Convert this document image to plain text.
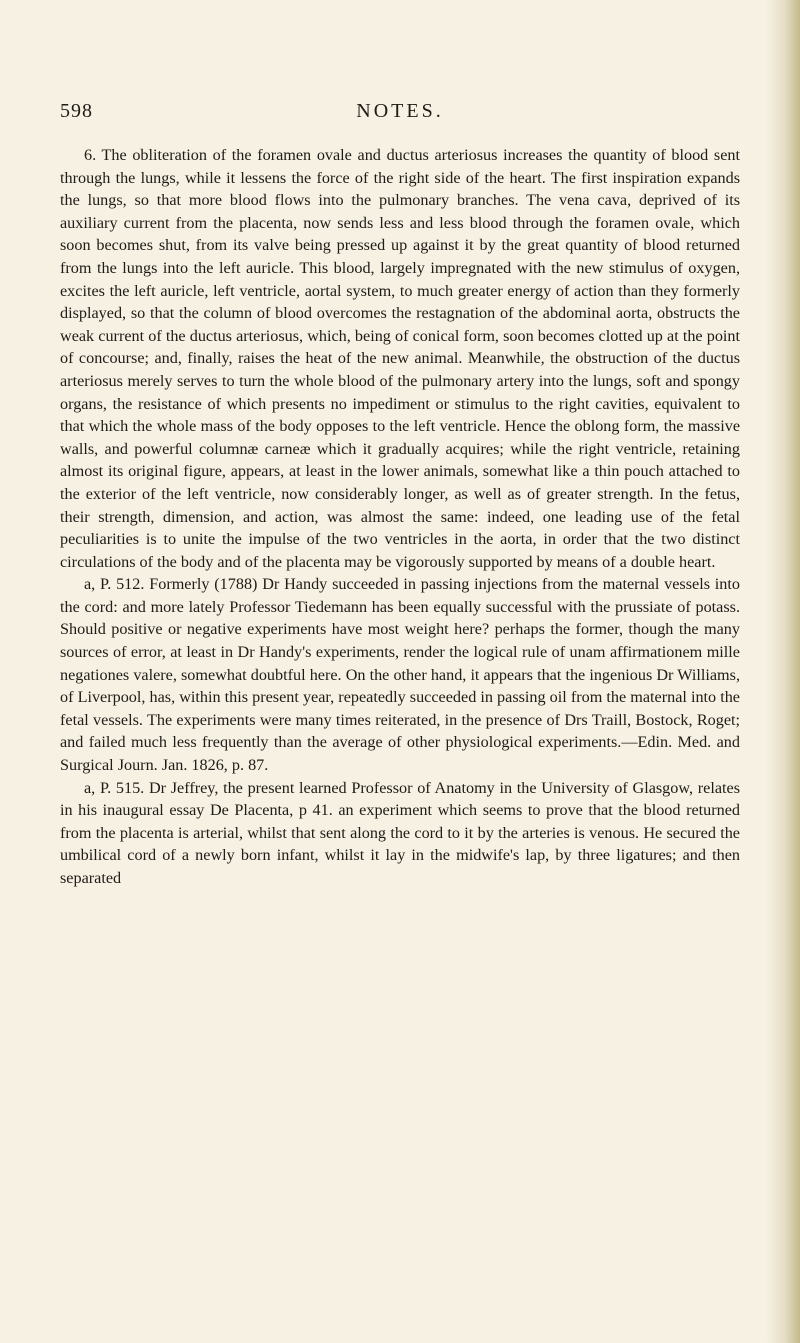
598	NOTES.

6. The obliteration of the foramen ovale and ductus arteriosus increases the quantity of blood sent through the lungs, while it lessens the force of the right side of the heart. The first inspiration expands the lungs, so that more blood flows into the pulmonary branches. The vena cava, deprived of its auxiliary current from the placenta, now sends less and less blood through the foramen ovale, which soon becomes shut, from its valve being pressed up against it by the great quantity of blood returned from the lungs into the left auricle. This blood, largely impregnated with the new stimulus of oxygen, excites the left auricle, left ventricle, aortal system, to much greater energy of action than they formerly displayed, so that the column of blood overcomes the restagnation of the abdominal aorta, obstructs the weak current of the ductus arteriosus, which, being of conical form, soon becomes clotted up at the point of concourse; and, finally, raises the heat of the new animal. Meanwhile, the obstruction of the ductus arteriosus merely serves to turn the whole blood of the pulmonary artery into the lungs, soft and spongy organs, the resistance of which presents no impediment or stimulus to the right cavities, equivalent to that which the whole mass of the body opposes to the left ventricle. Hence the oblong form, the massive walls, and powerful columnæ carneæ which it gradually acquires; while the right ventricle, retaining almost its original figure, appears, at least in the lower animals, somewhat like a thin pouch attached to the exterior of the left ventricle, now considerably longer, as well as of greater strength. In the fetus, their strength, dimension, and action, was almost the same: indeed, one leading use of the fetal peculiarities is to unite the impulse of the two ventricles in the aorta, in order that the two distinct circulations of the body and of the placenta may be vigorously supported by means of a double heart.

a, P. 512. Formerly (1788) Dr Handy succeeded in passing injections from the maternal vessels into the cord: and more lately Professor Tiedemann has been equally successful with the prussiate of potass. Should positive or negative experiments have most weight here? perhaps the former, though the many sources of error, at least in Dr Handy's experiments, render the logical rule of unam affirmationem mille negationes valere, somewhat doubtful here. On the other hand, it appears that the ingenious Dr Williams, of Liverpool, has, within this present year, repeatedly succeeded in passing oil from the maternal into the fetal vessels. The experiments were many times reiterated, in the presence of Drs Traill, Bostock, Roget; and failed much less frequently than the average of other physiological experiments.—Edin. Med. and Surgical Journ. Jan. 1826, p. 87.

a, P. 515. Dr Jeffrey, the present learned Professor of Anatomy in the University of Glasgow, relates in his inaugural essay De Placenta, p 41. an experiment which seems to prove that the blood returned from the placenta is arterial, whilst that sent along the cord to it by the arteries is venous. He secured the umbilical cord of a newly born infant, whilst it lay in the midwife's lap, by three ligatures; and then separated
